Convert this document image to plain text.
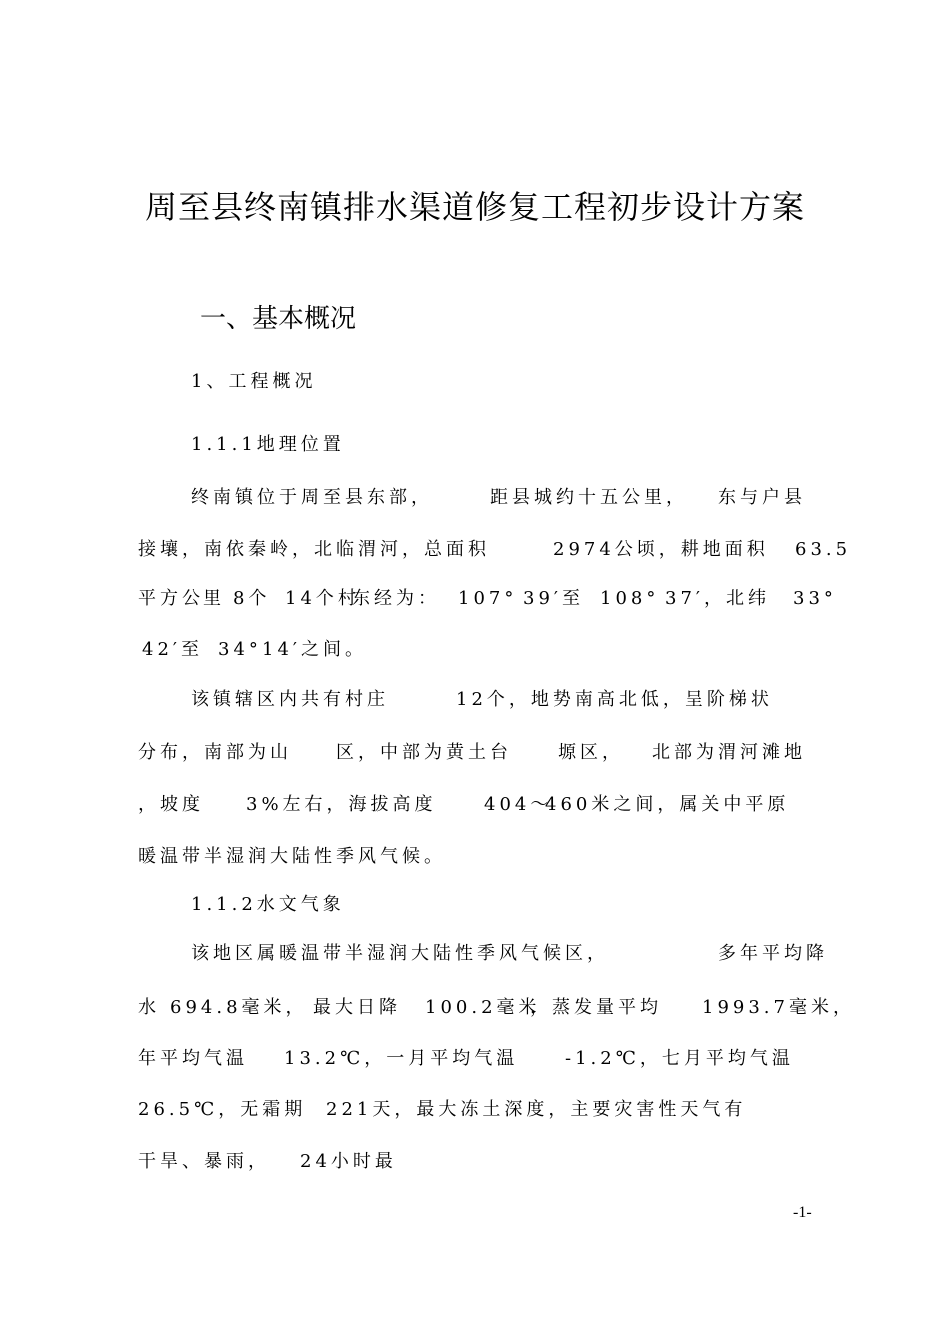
周至县终南镇排水渠道修复工程初步设计方案
一、基本概况
1、工程概况
1.1.1地理位置
终南镇位于周至县东部，	距县城约十五公里， 东与户县
接壤，南依秦岭，北临渭河，总面积	2974公顷，耕地面积 63.5
平方公 里 8个 14个村
东经为： 107° 39′至 108° 37′，北纬 33°
42′至 34° 14′之间。
该镇辖区内共有村庄	12个，地势南高北低，呈阶梯状
分布，南部为山 区，中部为黄土台	塬区， 北部为渭河滩地
，坡度 3%左右，海拔高度	404～
460米之间，属关中平原
暖温带半湿润大陆性季风气候。
1.1.2水文气象
该地区属暖温带半湿润大陆性季风气候区，	多年平均降
水 694.8毫米， 最大日降 100.2毫米
，蒸发量平均 1993.7毫米，
年平均气温 13.2℃，一月平均气温	-1.2℃，七月平均气温
26.5℃，无霜期 221天，最大冻土深度，主要灾害性天气有
干旱、暴雨， 24小时最
-1-
